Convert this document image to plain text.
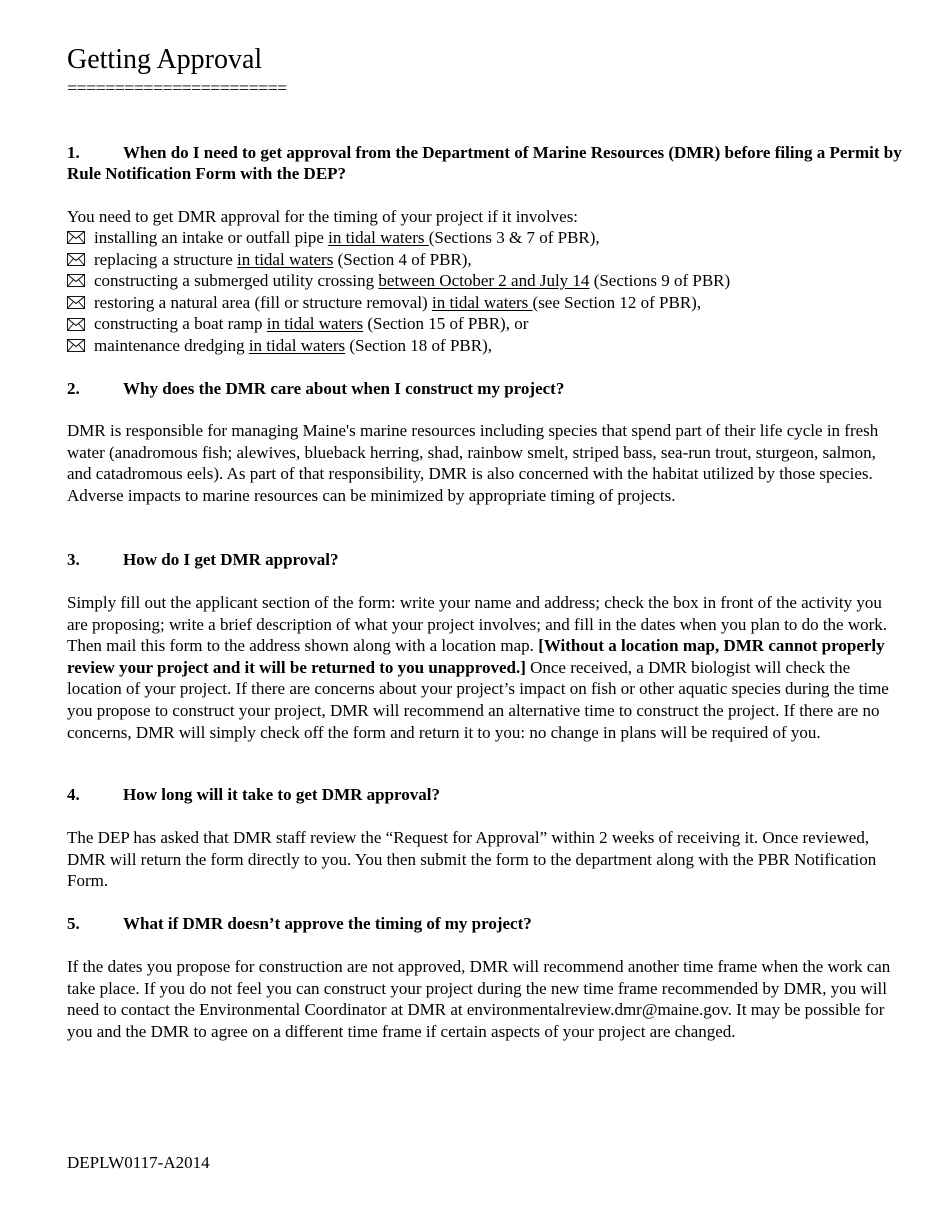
Getting Approval
=======================
1.	When do I need to get approval from the Department of Marine Resources (DMR) before filing a Permit by Rule Notification Form with the DEP?
You need to get DMR approval for the timing of your project if it involves:
installing an intake or outfall pipe in tidal waters (Sections 3 & 7 of PBR),
replacing a structure in tidal waters (Section 4 of PBR),
constructing a submerged utility crossing between October 2 and July 14 (Sections 9 of PBR)
restoring a natural area (fill or structure removal) in tidal waters (see Section 12 of PBR),
constructing a boat ramp in tidal waters (Section 15 of PBR), or
maintenance dredging in tidal waters (Section 18 of PBR),
2.	Why does the DMR care about when I construct my project?
DMR is responsible for managing Maine's marine resources including species that spend part of their life cycle in fresh water (anadromous fish; alewives, blueback herring, shad, rainbow smelt, striped bass, sea-run trout, sturgeon, salmon, and catadromous eels). As part of that responsibility, DMR is also concerned with the habitat utilized by those species. Adverse impacts to marine resources can be minimized by appropriate timing of projects.
3.	How do I get DMR approval?
Simply fill out the applicant section of the form: write your name and address; check the box in front of the activity you are proposing; write a brief description of what your project involves; and fill in the dates when you plan to do the work. Then mail this form to the address shown along with a location map. [Without a location map, DMR cannot properly review your project and it will be returned to you unapproved.] Once received, a DMR biologist will check the location of your project. If there are concerns about your project’s impact on fish or other aquatic species during the time you propose to construct your project, DMR will recommend an alternative time to construct the project. If there are no concerns, DMR will simply check off the form and return it to you: no change in plans will be required of you.
4.	How long will it take to get DMR approval?
The DEP has asked that DMR staff review the “Request for Approval” within 2 weeks of receiving it. Once reviewed, DMR will return the form directly to you. You then submit the form to the department along with the PBR Notification Form.
5.	What if DMR doesn’t approve the timing of my project?
If the dates you propose for construction are not approved, DMR will recommend another time frame when the work can take place. If you do not feel you can construct your project during the new time frame recommended by DMR, you will need to contact the Environmental Coordinator at DMR at environmentalreview.dmr@maine.gov. It may be possible for you and the DMR to agree on a different time frame if certain aspects of your project are changed.
DEPLW0117-A2014
